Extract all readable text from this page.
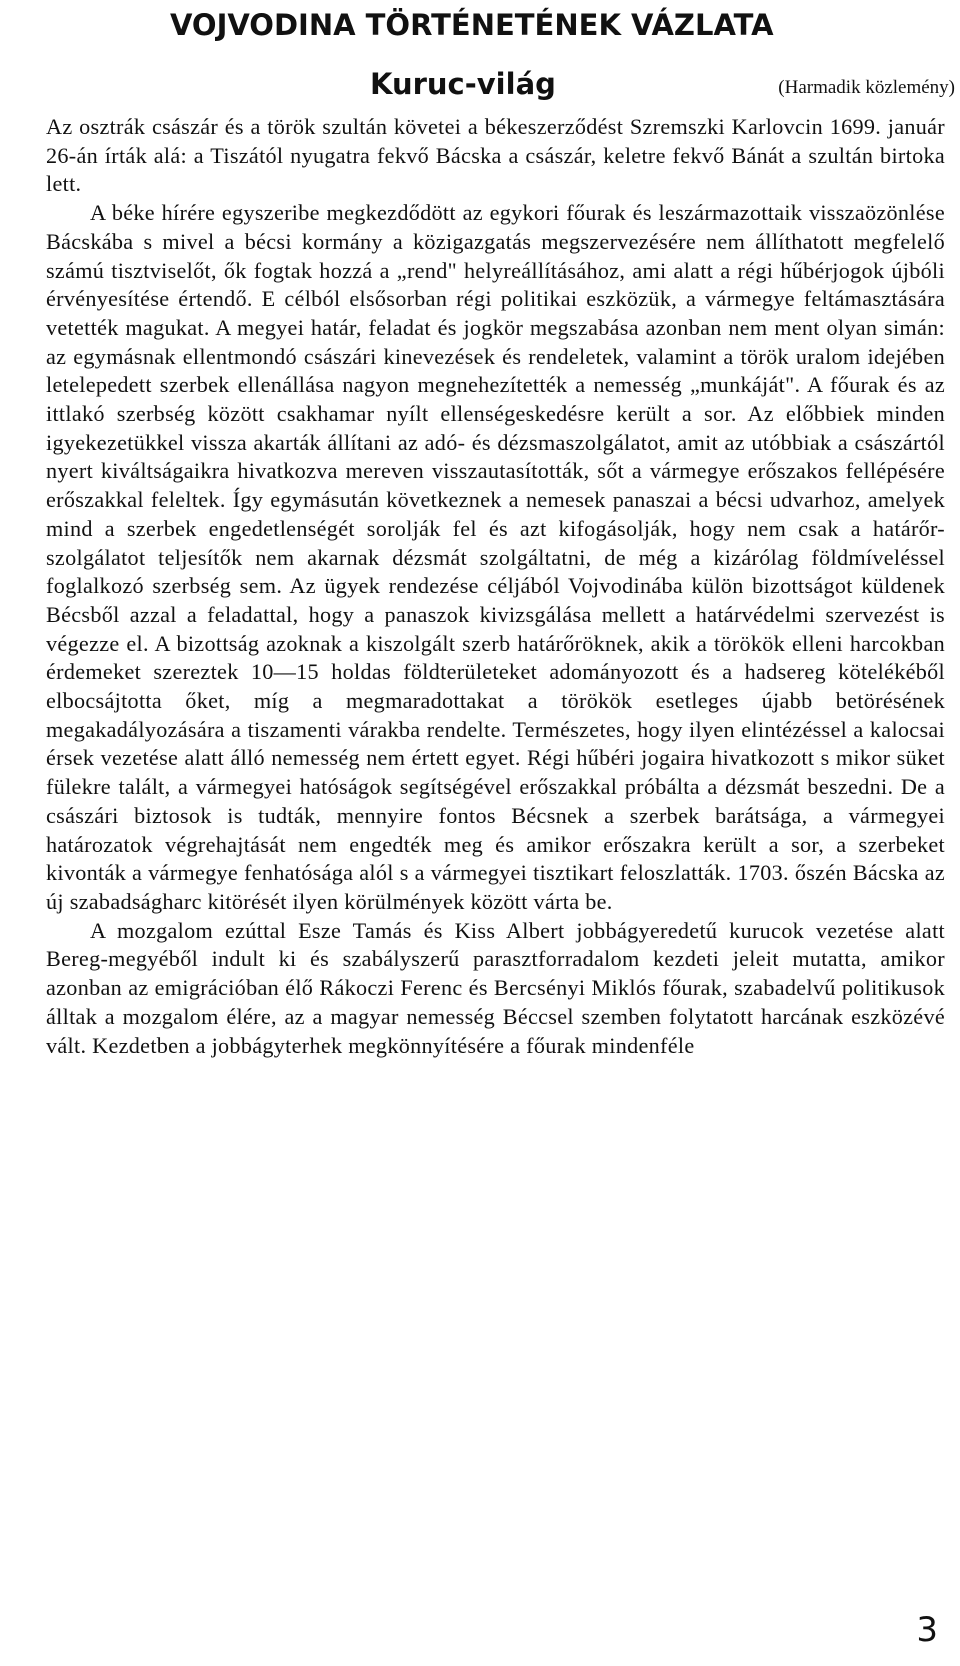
VOJVODINA TÖRTÉNETÉNEK VÁZLATA
Kuruc-világ	(Harmadik közlemény)

Az osztrák császár és a török szultán követei a békeszerződést Szremszki Karlovcin 1699. január 26-án írták alá: a Tiszától nyugatra fekvő Bácska a császár, keletre fekvő Bánát a szultán birtoka lett.

A béke hírére egyszeribe megkezdődött az egykori főurak és leszármazottaik visszaözönlése Bácskába s mivel a bécsi kormány a közigazgatás megszervezésére nem állíthatott megfelelő számú tisztviselőt, ők fogtak hozzá a „rend" helyreállításához, ami alatt a régi hűbérjogok újbóli érvényesítése értendő. E célból elsősorban régi politikai eszközük, a vármegye feltámasztására vetették magukat. A megyei határ, feladat és jogkör megszabása azonban nem ment olyan simán: az egymásnak ellentmondó császári kinevezések és rendeletek, valamint a török uralom idejében letelepedett szerbek ellenállása nagyon megnehezítették a nemesség „munkáját". A főurak és az ittlakó szerbség között csakhamar nyílt ellenségeskedésre került a sor. Az előbbiek minden igyekezetükkel vissza akarták állítani az adó- és dézsmaszolgálatot, amit az utóbbiak a császártól nyert kiváltságaikra hivatkozva mereven visszautasították, sőt a vármegye erőszakos fellépésére erőszakkal feleltek. Így egymásután következnek a nemesek panaszai a bécsi udvarhoz, amelyek mind a szerbek engedetlenségét sorolják fel és azt kifogásolják, hogy nem csak a határőr-szolgálatot teljesítők nem akarnak dézsmát szolgáltatni, de még a kizárólag földmíveléssel foglalkozó szerbség sem. Az ügyek rendezése céljából Vojvodinába külön bizottságot küldenek Bécsből azzal a feladattal, hogy a panaszok kivizsgálása mellett a határvédelmi szervezést is végezze el. A bizottság azoknak a kiszolgált szerb határőröknek, akik a törökök elleni harcokban érdemeket szereztek 10—15 holdas földterületeket adományozott és a hadsereg kötelékéből elbocsájtotta őket, míg a megmaradottakat a törökök esetleges újabb betörésének megakadályozására a tiszamenti várakba rendelte. Természetes, hogy ilyen elintézéssel a kalocsai érsek vezetése alatt álló nemesség nem értett egyet. Régi hűbéri jogaira hivatkozott s mikor süket fülekre talált, a vármegyei hatóságok segítségével erőszakkal próbálta a dézsmát beszedni. De a császári biztosok is tudták, mennyire fontos Bécsnek a szerbek barátsága, a vármegyei határozatok végrehajtását nem engedték meg és amikor erőszakra került a sor, a szerbeket kivonták a vármegye fenhatósága alól s a vármegyei tisztikart feloszlatták. 1703. őszén Bácska az új szabadságharc kitörését ilyen körülmények között várta be.

A mozgalom ezúttal Esze Tamás és Kiss Albert jobbágyeredetű kurucok vezetése alatt Bereg-megyéből indult ki és szabályszerű parasztforradalom kezdeti jeleit mutatta, amikor azonban az emigrációban élő Rákoczi Ferenc és Bercsényi Miklós főurak, szabadelvű politikusok álltak a mozgalom élére, az a magyar nemesség Béccsel szemben folytatott harcának eszközévé vált. Kezdetben a jobbágyterhek megkönnyítésére a főurak mindenféle

3
